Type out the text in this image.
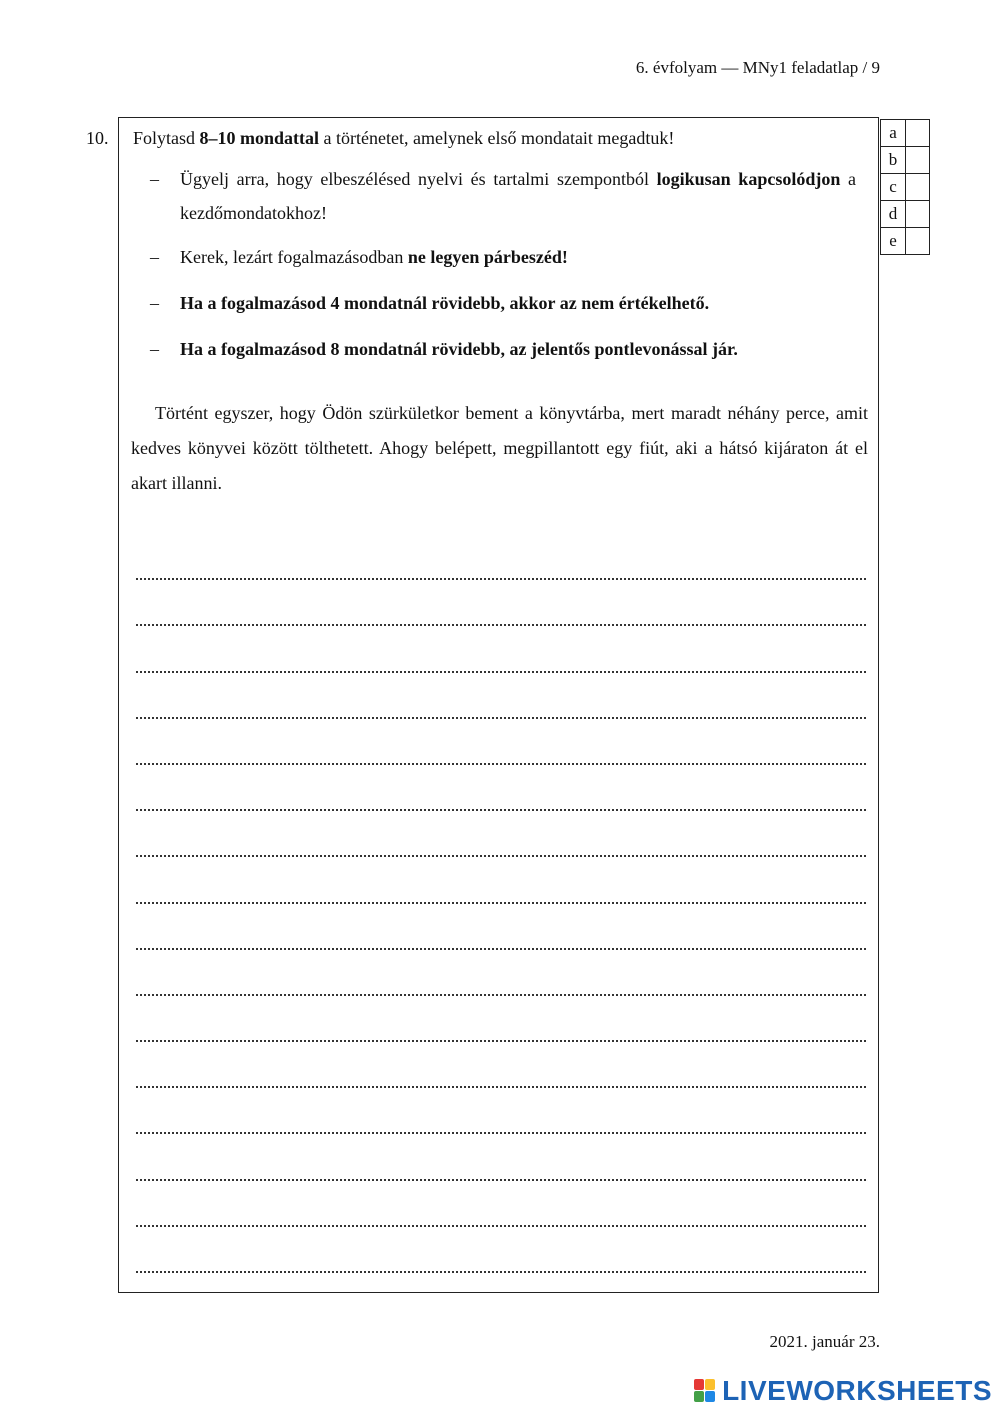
6. évfolyam — MNy1 feladatlap / 9
10. Folytasd 8–10 mondattal a történetet, amelynek első mondatait megadtuk!
– Ügyelj arra, hogy elbeszélésed nyelvi és tartalmi szempontból logikusan kapcsolódjon a kezdőmondatokhoz!
– Kerek, lezárt fogalmazásodban ne legyen párbeszéd!
– Ha a fogalmazásod 4 mondatnál rövidebb, akkor az nem értékelhető.
– Ha a fogalmazásod 8 mondatnál rövidebb, az jelentős pontlevonással jár.

Történt egyszer, hogy Ödön szürkületkor bement a könyvtárba, mert maradt néhány perce, amit kedves könyvei között tölthetett. Ahogy belépett, megpillantott egy fiút, aki a hátsó kijáraton át el akart illanni.

a	
b	
c	
d	
e	
2021. január 23.
LIVEWORKSHEETS
